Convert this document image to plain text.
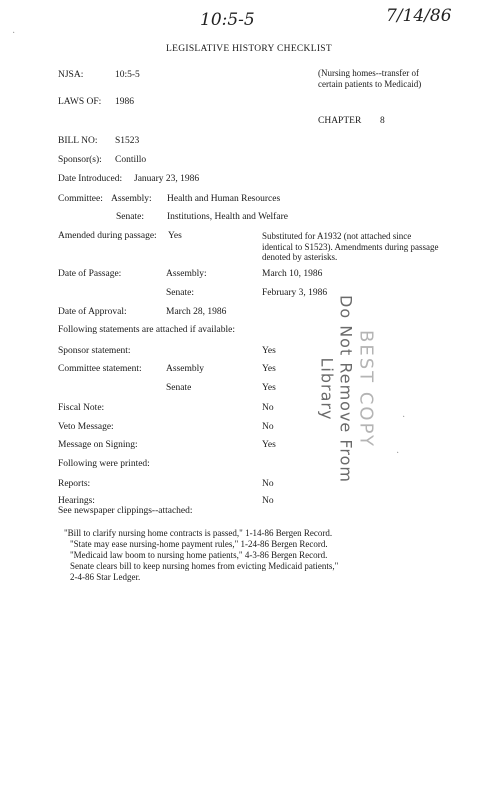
10:5-5	7/14/86
LEGISLATIVE HISTORY CHECKLIST
NJSA:	10:5-5	(Nursing homes--transfer of certain patients to Medicaid)
LAWS OF: 1986
CHAPTER 8
BILL NO: S1523
Sponsor(s): Contillo
Date Introduced: January 23, 1986
Committee: Assembly: Health and Human Resources
Senate: Institutions, Health and Welfare
Amended during passage: Yes	Substituted for A1932 (not attached since identical to S1523). Amendments during passage denoted by asterisks.
Date of Passage:	Assembly:	March 10, 1986
Senate:	February 3, 1986
Date of Approval:	March 28, 1986
Following statements are attached if available:
Sponsor statement:	Yes
Committee statement:	Assembly	Yes
Senate	Yes
Fiscal Note:	No
Veto Message:	No
Message on Signing:	Yes
Following were printed:
Reports:	No
Hearings:	No
See newspaper clippings--attached:
"Bill to clarify nursing home contracts is passed," 1-14-86 Bergen Record.
"State may ease nursing-home payment rules," 1-24-86 Bergen Record.
"Medicaid law boom to nursing home patients," 4-3-86 Bergen Record.
Senate clears bill to keep nursing homes from evicting Medicaid patients,"
2-4-86 Star Ledger.
BEST COPY
Do Not Remove From Library
·
·
·
